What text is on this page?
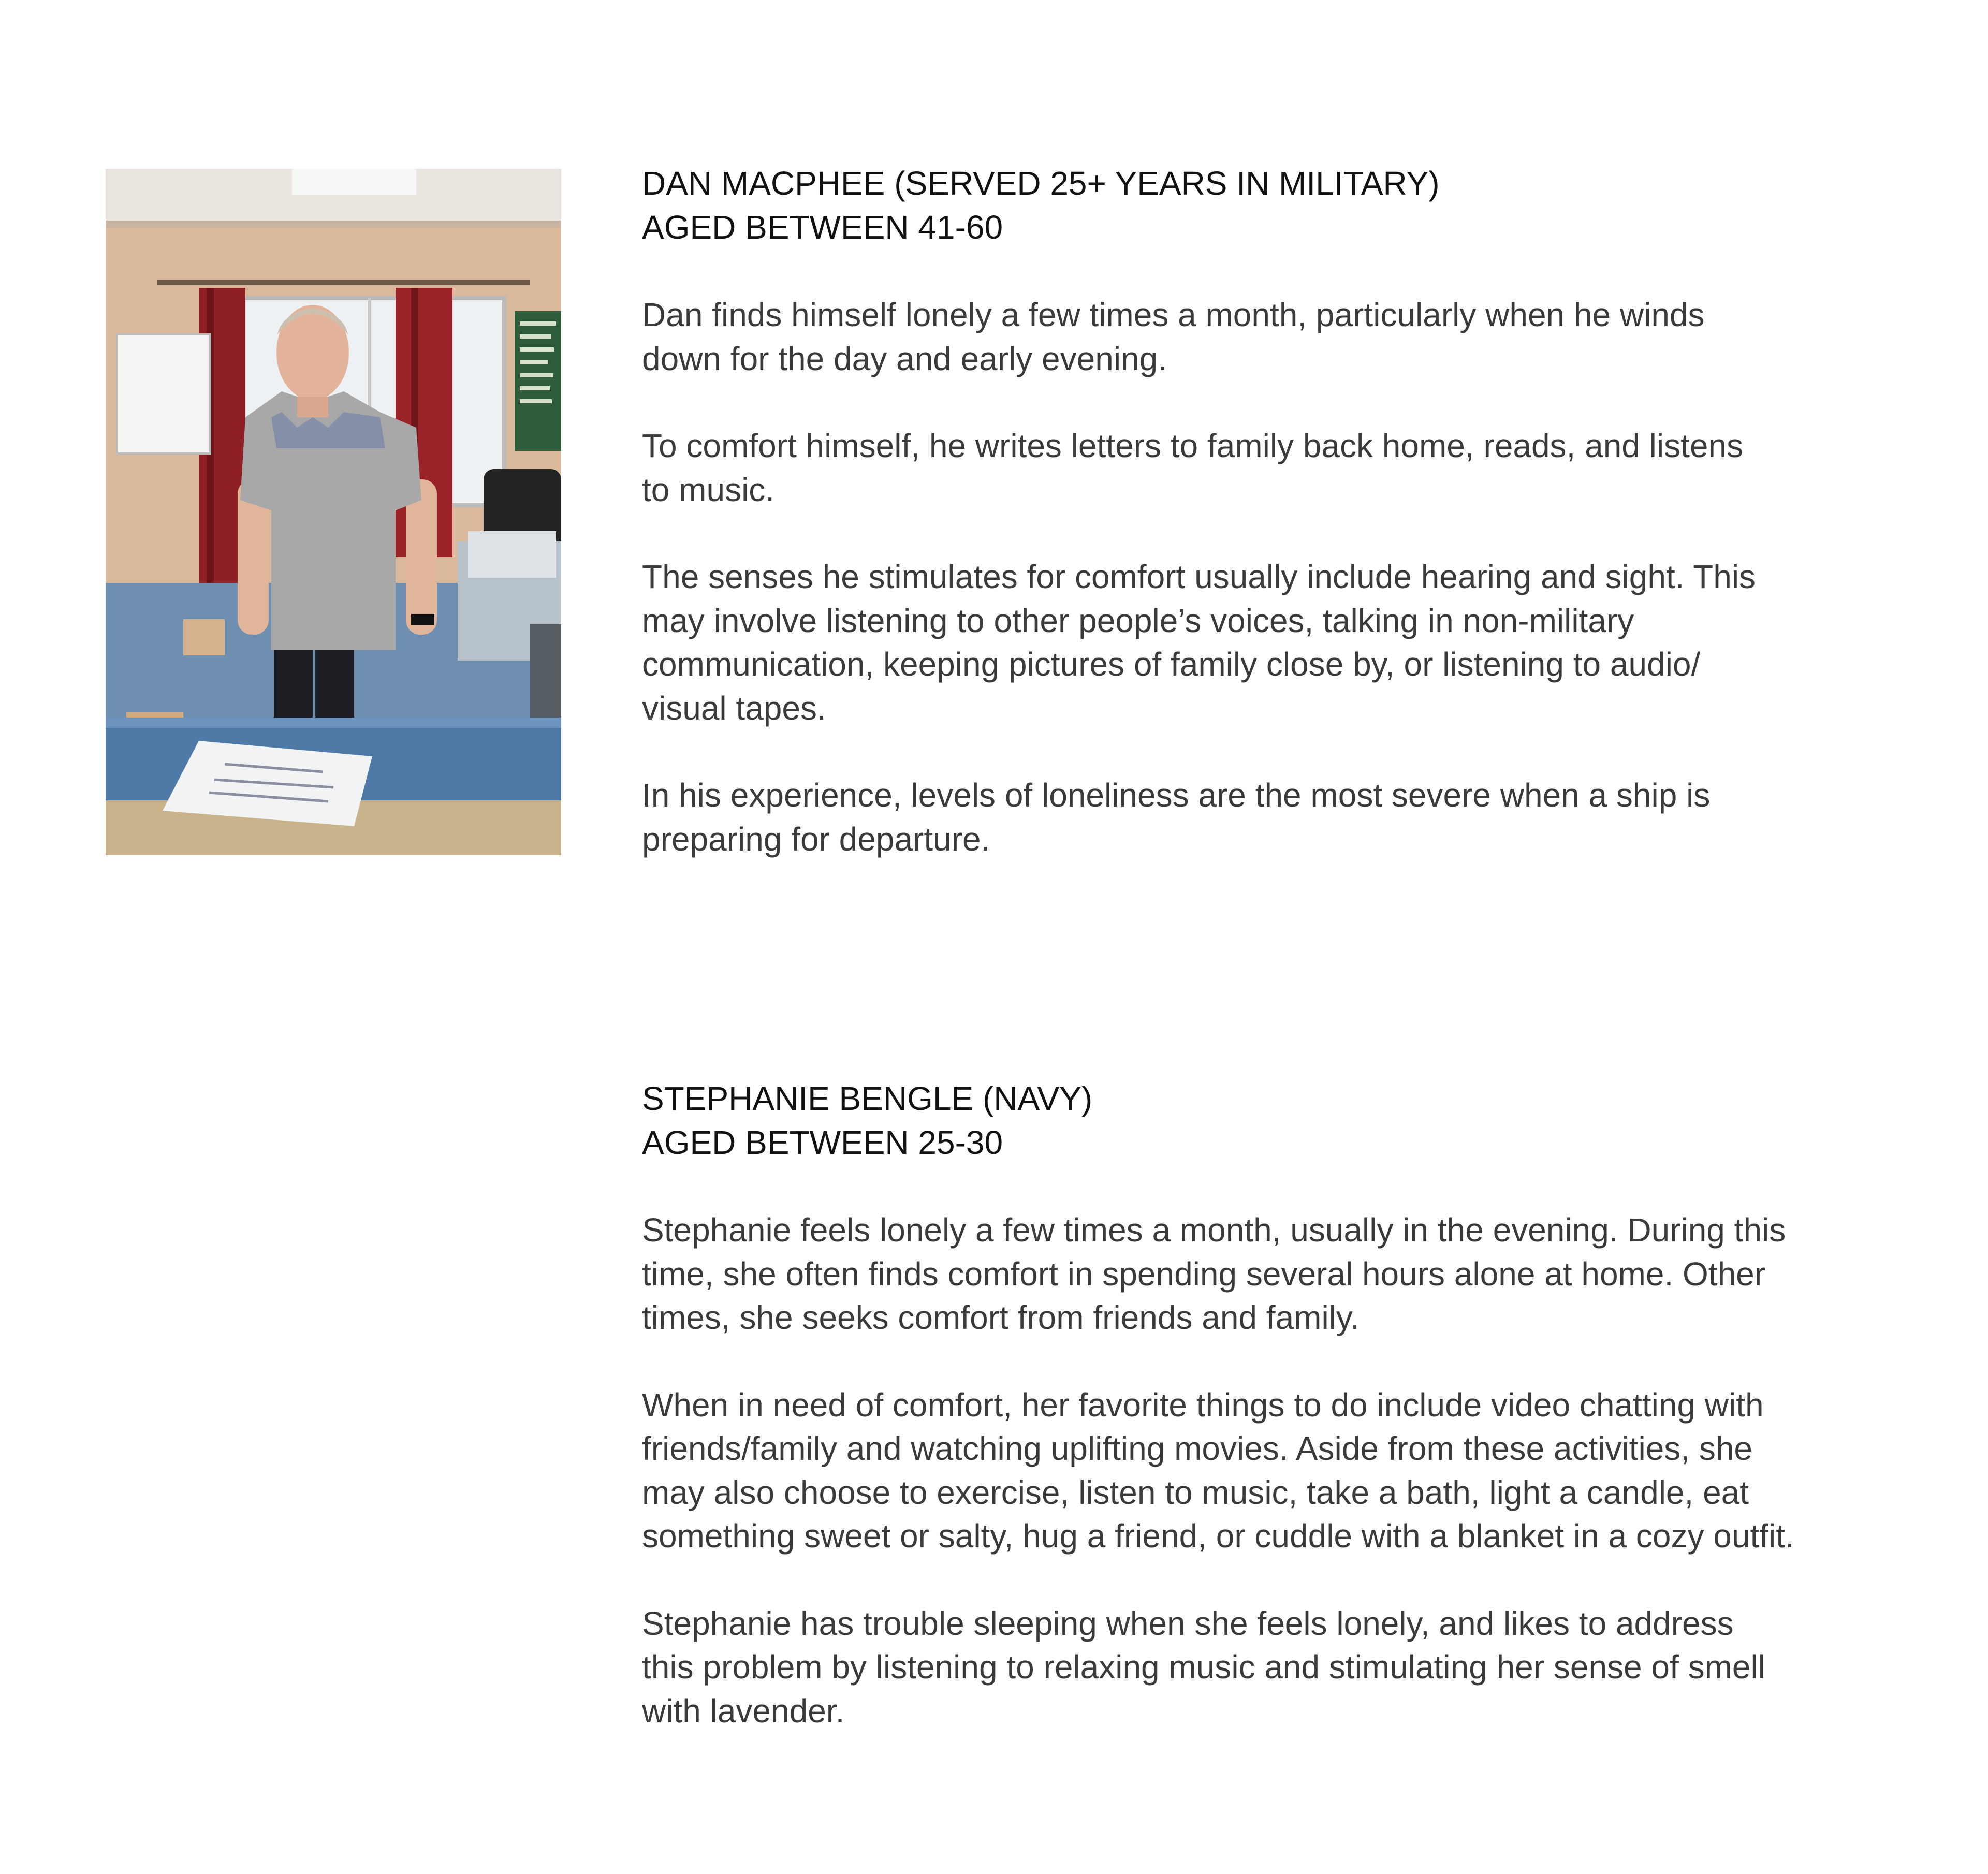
DAN MACPHEE (SERVED 25+ YEARS IN MILITARY)
AGED BETWEEN 41-60

Dan finds himself lonely a few times a month, particularly when he winds
down for the day and early evening.

To comfort himself, he writes letters to family back home, reads, and listens
to music.

The senses he stimulates for comfort usually include hearing and sight. This
may involve listening to other people’s voices, talking in non-military
communication, keeping pictures of family close by, or listening to audio/
visual tapes.

In his experience, levels of loneliness are the most severe when a ship is
preparing for departure.

STEPHANIE BENGLE (NAVY)
AGED BETWEEN 25-30

Stephanie feels lonely a few times a month, usually in the evening. During this
time, she often finds comfort in spending several hours alone at home. Other
times, she seeks comfort from friends and family.

When in need of comfort, her favorite things to do include video chatting with
friends/family and watching uplifting movies. Aside from these activities, she
may also choose to exercise, listen to music, take a bath, light a candle, eat
something sweet or salty, hug a friend, or cuddle with a blanket in a cozy outfit.

Stephanie has trouble sleeping when she feels lonely, and likes to address
this problem by listening to relaxing music and stimulating her sense of smell
with lavender.
